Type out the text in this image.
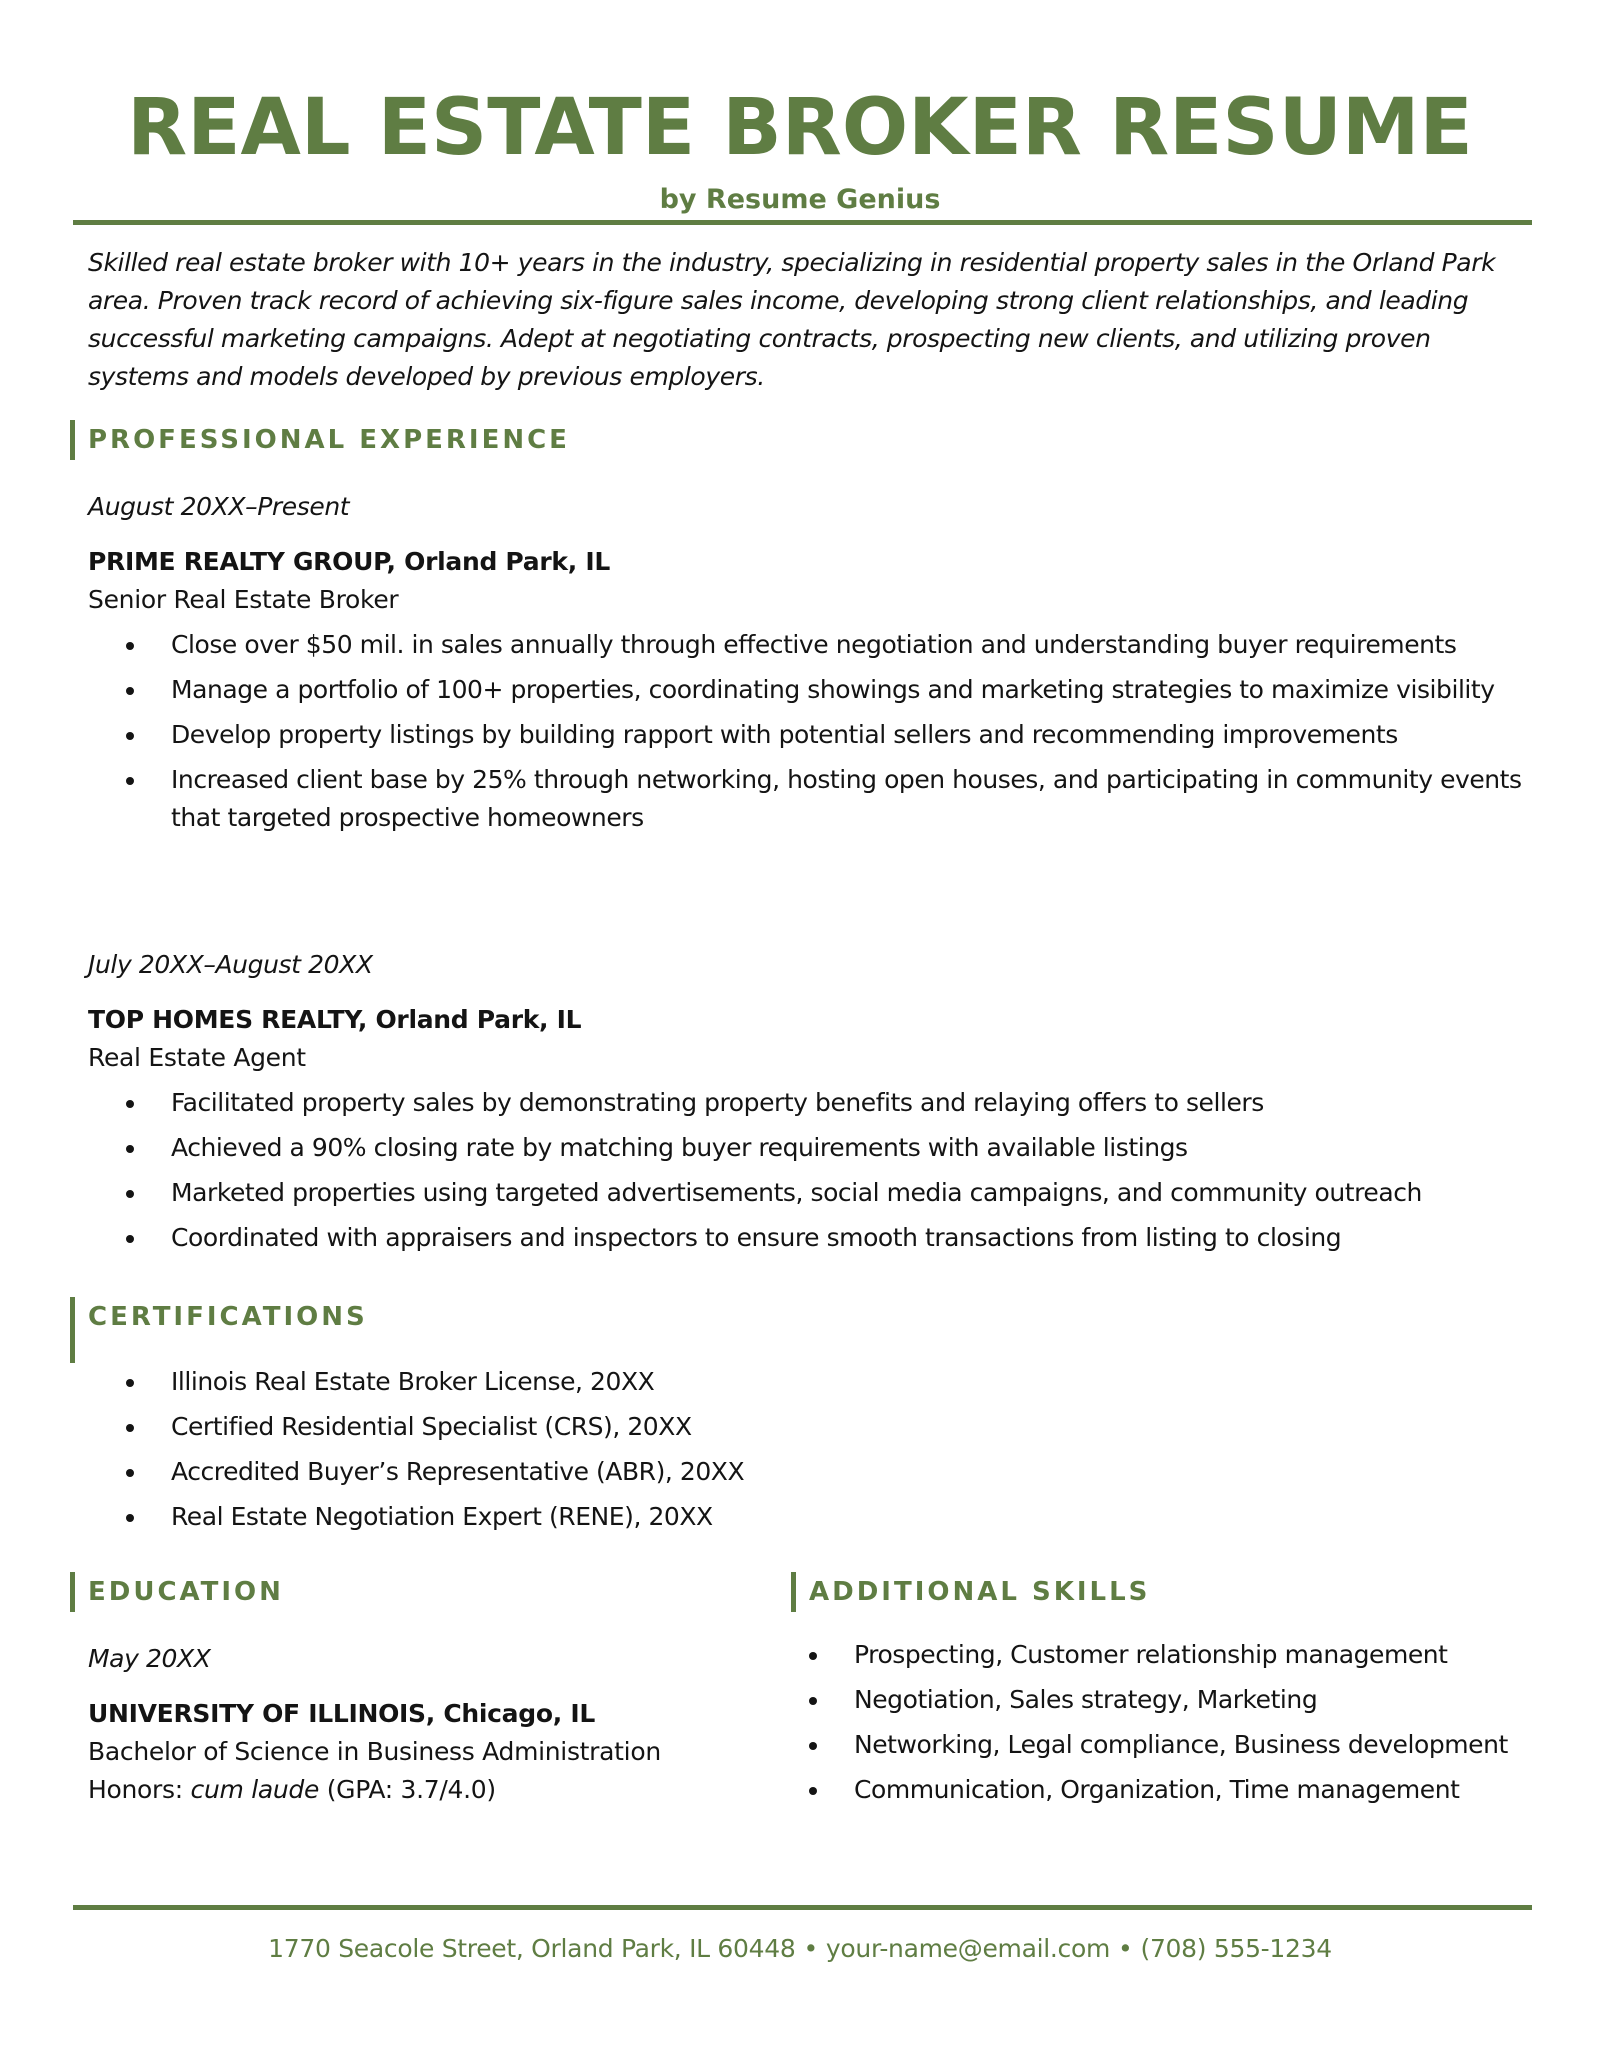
REAL ESTATE BROKER RESUME
by Resume Genius

Skilled real estate broker with 10+ years in the industry, specializing in residential property sales in the Orland Park area. Proven track record of achieving six-figure sales income, developing strong client relationships, and leading successful marketing campaigns. Adept at negotiating contracts, prospecting new clients, and utilizing proven systems and models developed by previous employers.

PROFESSIONAL EXPERIENCE
August 20XX–Present
PRIME REALTY GROUP, Orland Park, IL
Senior Real Estate Broker
Close over $50 mil. in sales annually through effective negotiation and understanding buyer requirements
Manage a portfolio of 100+ properties, coordinating showings and marketing strategies to maximize visibility
Develop property listings by building rapport with potential sellers and recommending improvements
Increased client base by 25% through networking, hosting open houses, and participating in community events that targeted prospective homeowners
July 20XX–August 20XX
TOP HOMES REALTY, Orland Park, IL
Real Estate Agent
Facilitated property sales by demonstrating property benefits and relaying offers to sellers
Achieved a 90% closing rate by matching buyer requirements with available listings
Marketed properties using targeted advertisements, social media campaigns, and community outreach
Coordinated with appraisers and inspectors to ensure smooth transactions from listing to closing
CERTIFICATIONS
Illinois Real Estate Broker License, 20XX
Certified Residential Specialist (CRS), 20XX
Accredited Buyer’s Representative (ABR), 20XX
Real Estate Negotiation Expert (RENE), 20XX
EDUCATION
May 20XX
UNIVERSITY OF ILLINOIS, Chicago, IL
Bachelor of Science in Business Administration
Honors: cum laude (GPA: 3.7/4.0)
ADDITIONAL SKILLS
Prospecting, Customer relationship management
Negotiation, Sales strategy, Marketing
Networking, Legal compliance, Business development
Communication, Organization, Time management
1770 Seacole Street, Orland Park, IL 60448 • your-name@email.com • (708) 555-1234
